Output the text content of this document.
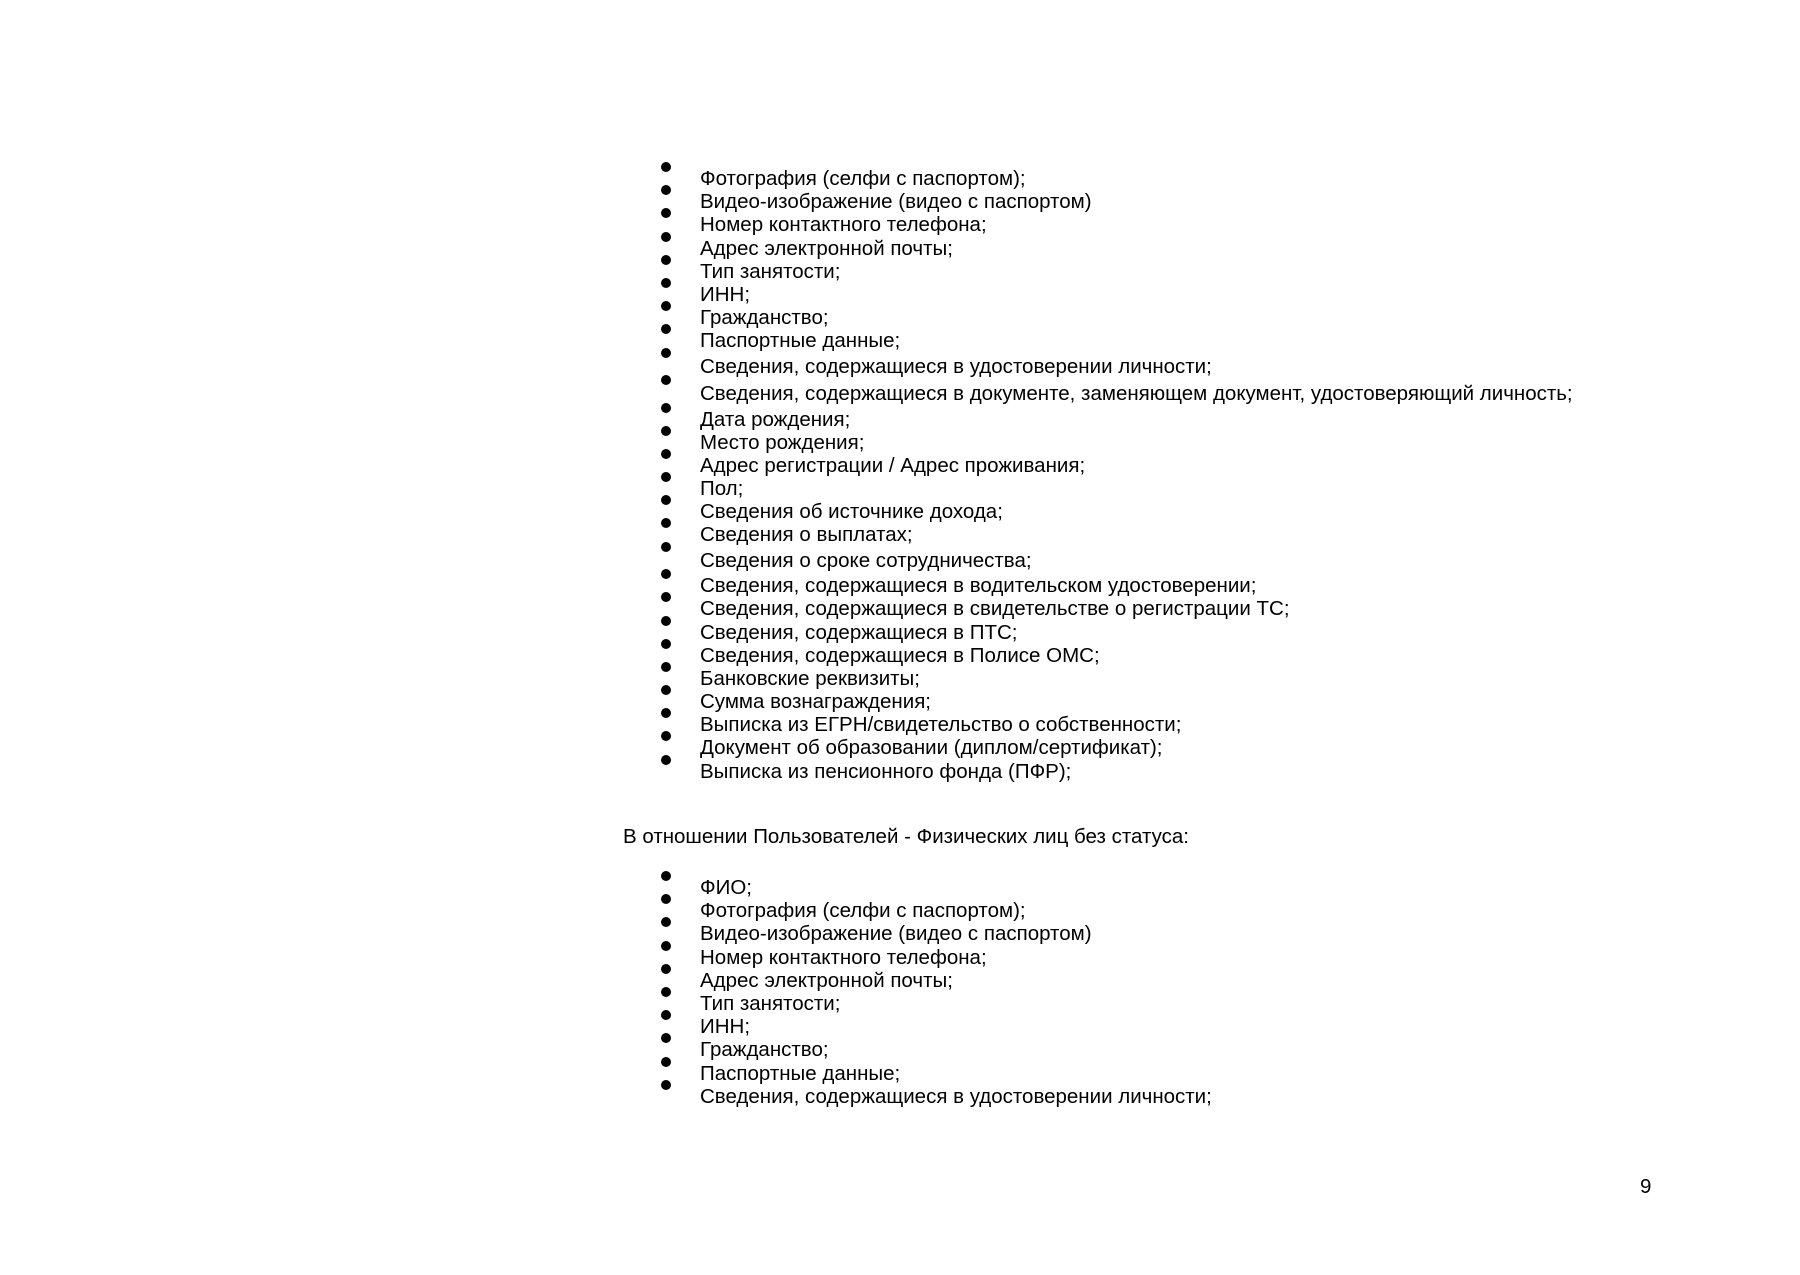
Фотография (селфи с паспортом);
Видео-изображение (видео с паспортом)
Номер контактного телефона;
Адрес электронной почты;
Тип занятости;
ИНН;
Гражданство;
Паспортные данные;
Сведения, содержащиеся в удостоверении личности;
Сведения, содержащиеся в документе, заменяющем документ, удостоверяющий личность;
Дата рождения;
Место рождения;
Адрес регистрации / Адрес проживания;
Пол;
Сведения об источнике дохода;
Сведения о выплатах;
Сведения о сроке сотрудничества;
Сведения, содержащиеся в водительском удостоверении;
Сведения, содержащиеся в свидетельстве о регистрации ТС;
Сведения, содержащиеся в ПТС;
Сведения, содержащиеся в Полисе ОМС;
Банковские реквизиты;
Сумма вознаграждения;
Выписка из ЕГРН/свидетельство о собственности;
Документ об образовании (диплом/сертификат);
Выписка из пенсионного фонда (ПФР);
В отношении Пользователей - Физических лиц без статуса:
ФИО;
Фотография (селфи с паспортом);
Видео-изображение (видео с паспортом)
Номер контактного телефона;
Адрес электронной почты;
Тип занятости;
ИНН;
Гражданство;
Паспортные данные;
Сведения, содержащиеся в удостоверении личности;
9
